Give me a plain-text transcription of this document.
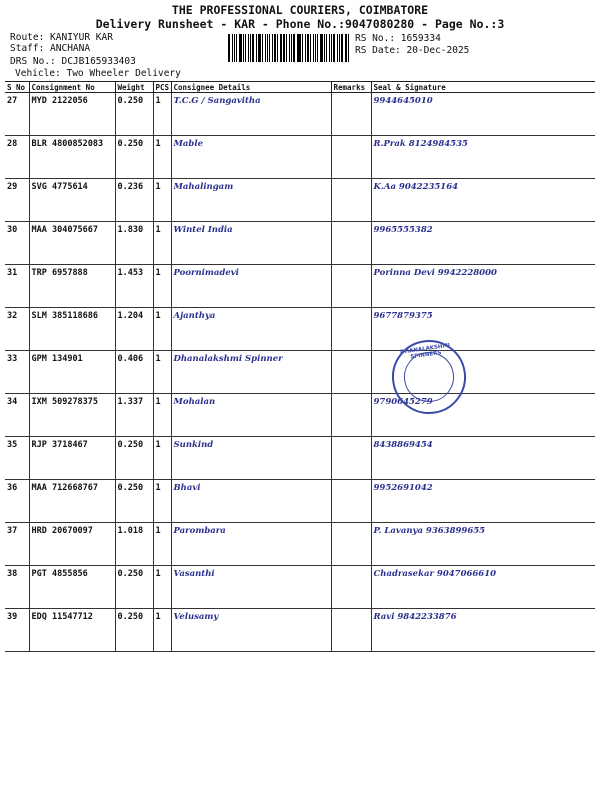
THE PROFESSIONAL COURIERS, COIMBATORE
Delivery Runsheet - KAR - Phone No.:9047080280 - Page No.:3
Route: KANIYUR KAR
Staff: ANCHANA
DRS No.: DCJB165933403
Vehicle: Two Wheeler Delivery
RS No.: 1659334
RS Date: 20-Dec-2025
S No	Consignment No	Weight	PCS	Consignee Details	Remarks	Seal & Signature
27	MYD 2122056	0.250	1	T.C.G / Sangavitha		9944645010
28	BLR 4800852083	0.250	1	Mable		R.Prak 8124984535
29	SVG 4775614	0.236	1	Mahalingam		K.Aa 9042235164
30	MAA 304075667	1.830	1	Wintel India		9965555382
31	TRP 6957888	1.453	1	Poornimadevi		Porinna Devi 9942228000
32	SLM 385118686	1.204	1	Ajanthya		9677879375
33	GPM 134901	0.406	1	Dhanalakshmi Spinner		
34	IXM 509278375	1.337	1	Mohalan		9790645279
35	RJP 3718467	0.250	1	Sunkind		8438869454
36	MAA 712668767	0.250	1	Bhavi		9952691042
37	HRD 20670097	1.018	1	Parombara		P. Lavanya 9363899655
38	PGT 4855856	0.250	1	Vasanthi		Chadrasekar 9047066610
39	EDQ 11547712	0.250	1	Velusamy		Ravi 9842233876
DHANALAKSHMI SPINNERS
